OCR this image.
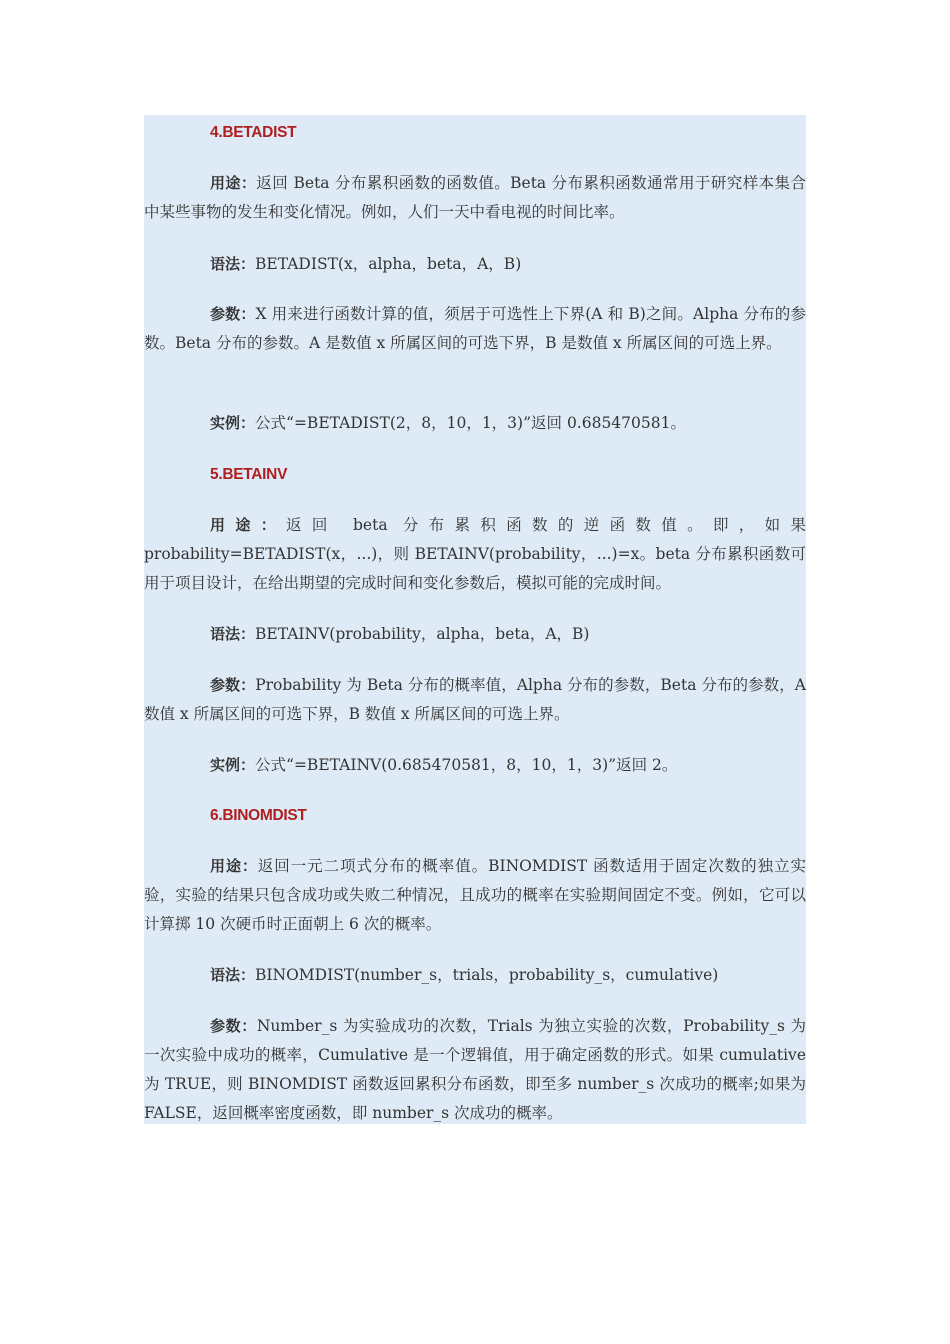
4.BETADIST
用途：返回 Beta 分布累积函数的函数值。Beta 分布累积函数通常用于研究样本集合中某些事物的发生和变化情况。例如，人们一天中看电视的时间比率。
语法：BETADIST(x，alpha，beta，A，B)
参数：X 用来进行函数计算的值，须居于可选性上下界(A 和 B)之间。Alpha 分布的参数。Beta 分布的参数。A 是数值 x 所属区间的可选下界，B 是数值 x 所属区间的可选上界。
实例：公式“=BETADIST(2，8，10，1，3)”返回 0.685470581。
5.BETAINV
用途：返回 beta 分布累积函数的逆函数值。即，如果 probability=BETADIST(x，...)，则 BETAINV(probability，...)=x。beta 分布累积函数可用于项目设计，在给出期望的完成时间和变化参数后，模拟可能的完成时间。
语法：BETAINV(probability，alpha，beta，A，B)
参数：Probability 为 Beta 分布的概率值，Alpha 分布的参数，Beta 分布的参数，A 数值 x 所属区间的可选下界，B 数值 x 所属区间的可选上界。
实例：公式“=BETAINV(0.685470581，8，10，1，3)”返回 2。
6.BINOMDIST
用途：返回一元二项式分布的概率值。BINOMDIST 函数适用于固定次数的独立实验，实验的结果只包含成功或失败二种情况，且成功的概率在实验期间固定不变。例如，它可以计算掷 10 次硬币时正面朝上 6 次的概率。
语法：BINOMDIST(number_s，trials，probability_s，cumulative)
参数：Number_s 为实验成功的次数，Trials 为独立实验的次数，Probability_s 为一次实验中成功的概率，Cumulative 是一个逻辑值，用于确定函数的形式。如果 cumulative 为 TRUE，则 BINOMDIST 函数返回累积分布函数，即至多 number_s 次成功的概率;如果为 FALSE，返回概率密度函数，即 number_s 次成功的概率。
